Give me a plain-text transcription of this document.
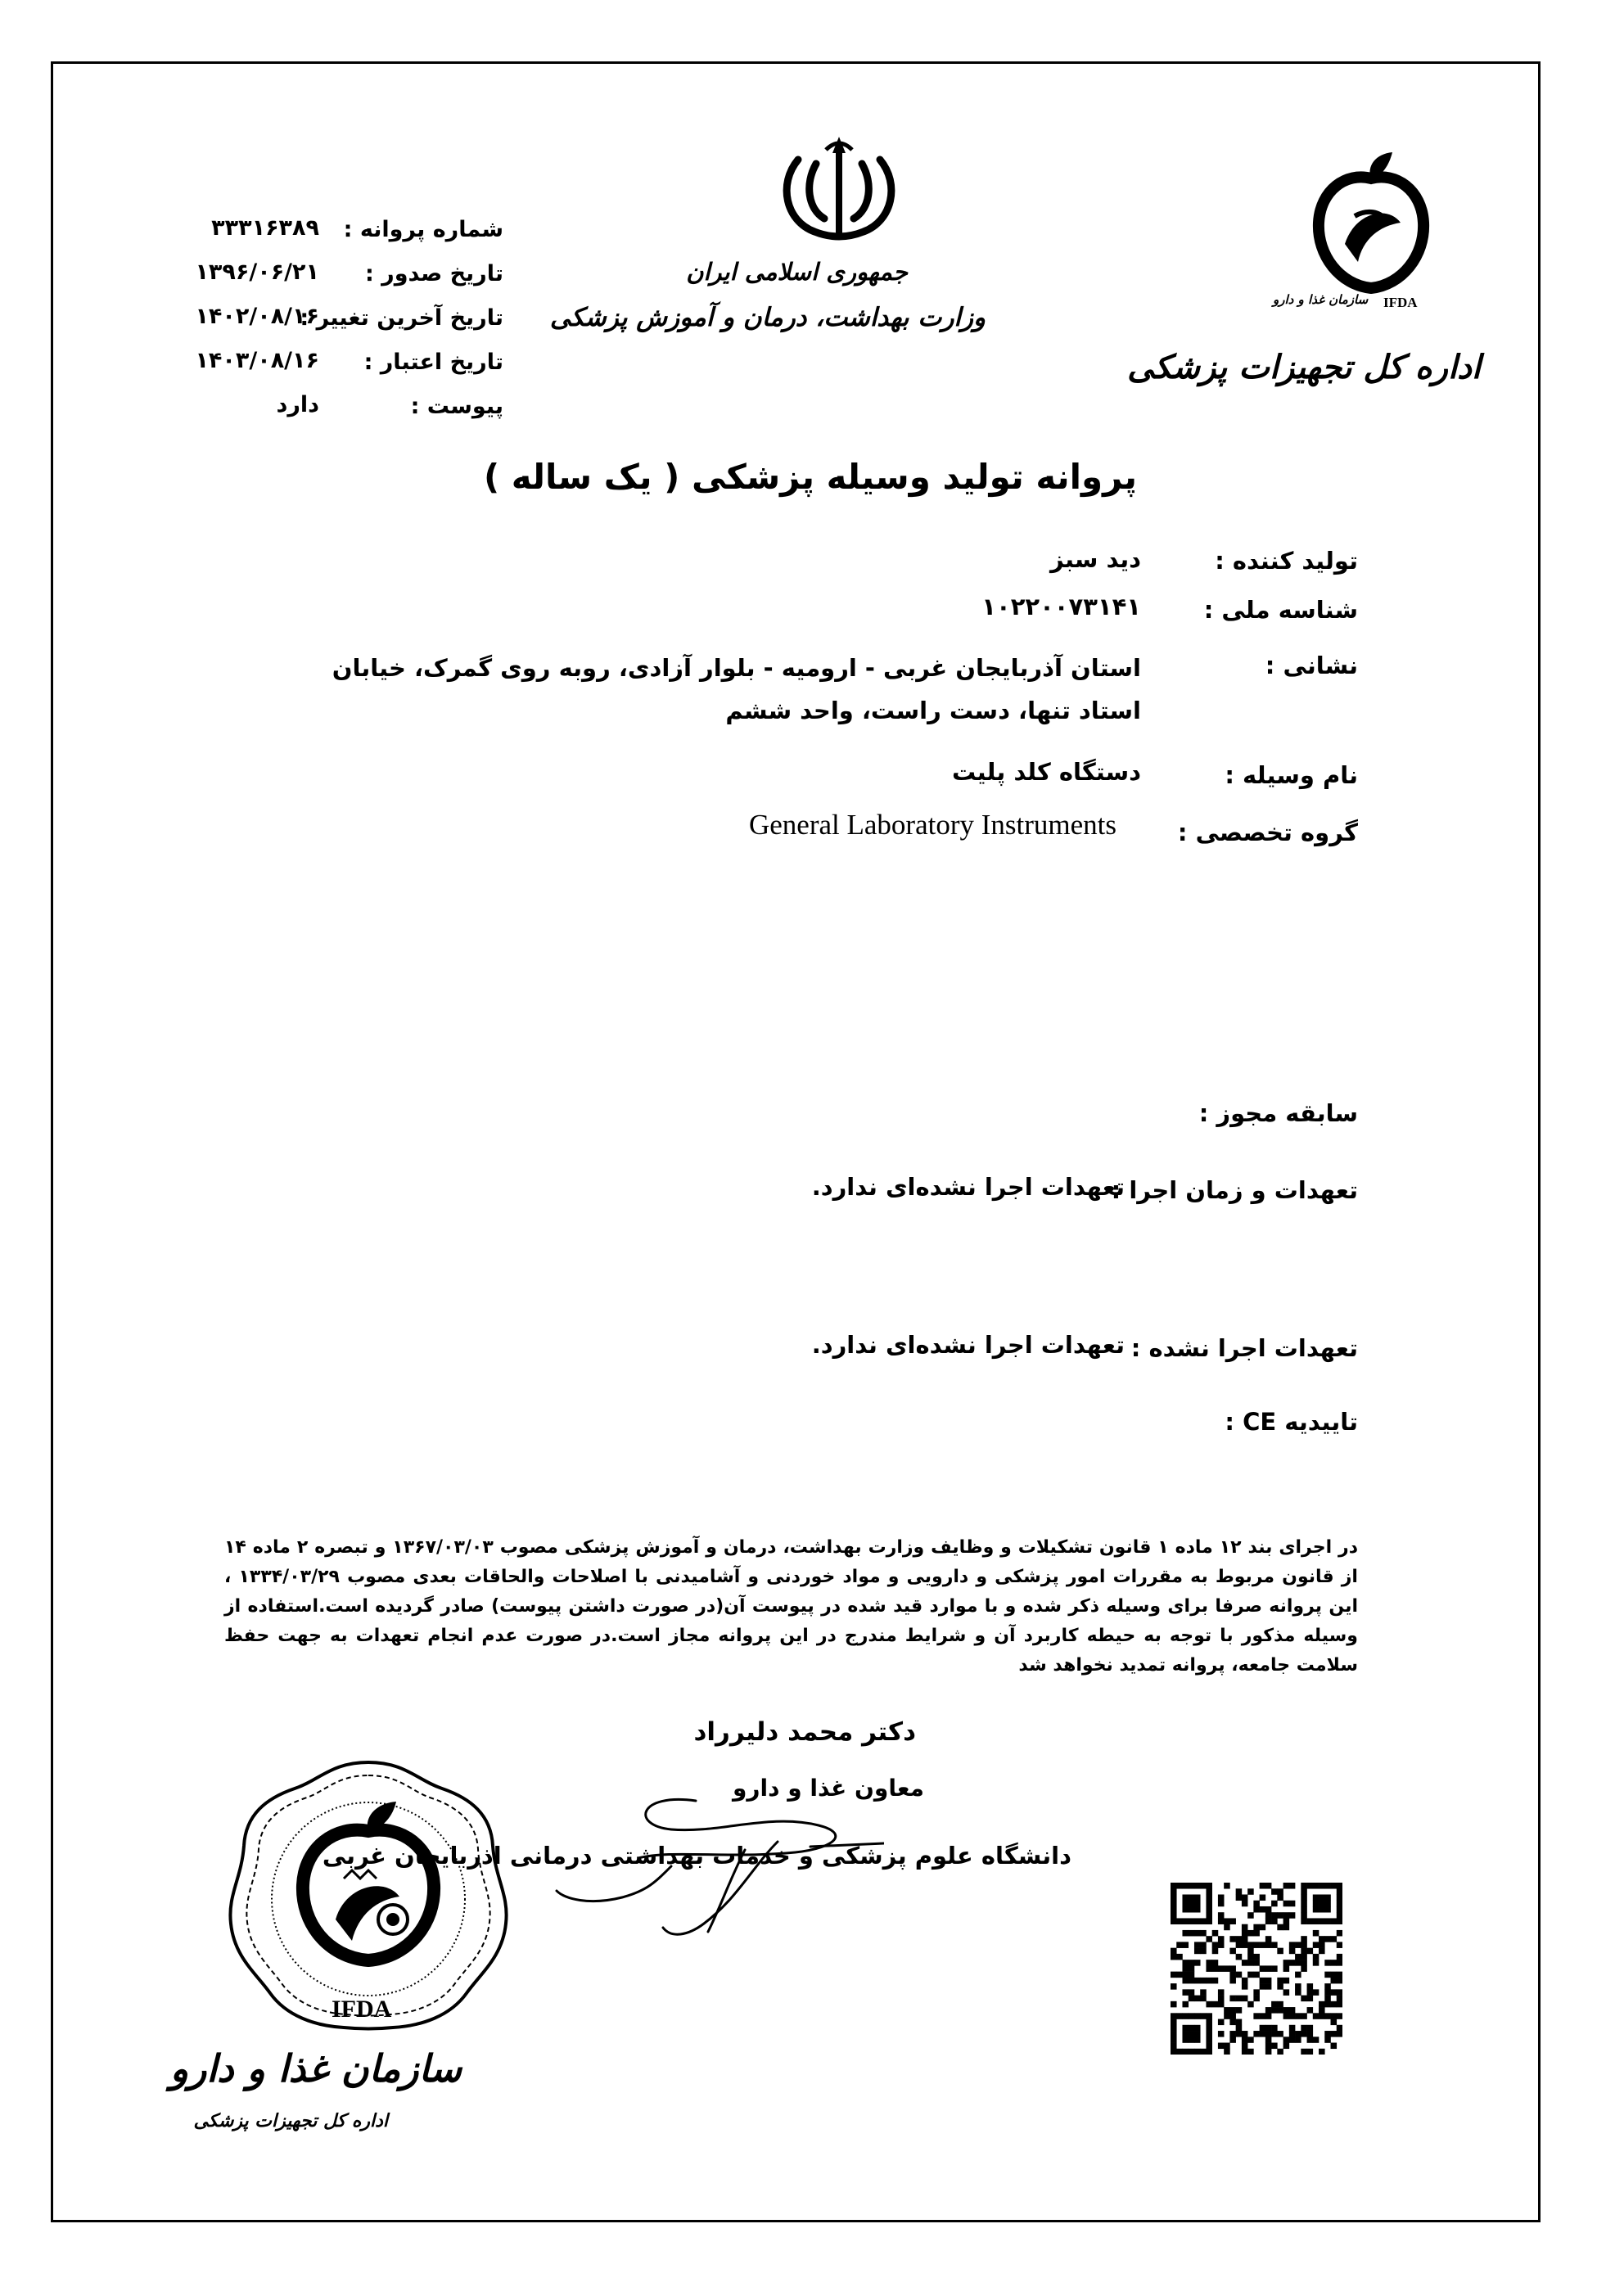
شماره پروانه :
۳۳۳۱۶۳۸۹
تاریخ صدور :
۱۳۹۶/۰۶/۲۱
تاریخ آخرین تغییر :
۱۴۰۲/۰۸/۱۶
تاریخ اعتبار :
۱۴۰۳/۰۸/۱۶
پیوست :
دارد
جمهوری اسلامی ایران
وزارت بهداشت، درمان و آموزش پزشکی
سازمان غذا و دارو IFDA
اداره کل تجهیزات پزشکی
پروانه تولید وسیله پزشکی ( یک ساله )
تولید کننده :
دید سبز
شناسه ملی :
۱۰۲۲۰۰۷۳۱۴۱
نشانی :
استان آذربایجان غربی - ارومیه - بلوار آزادی، روبه روی گمرک، خیابان استاد تنها، دست راست، واحد ششم
نام وسیله :
دستگاه کلد پلیت
گروه تخصصی :
General Laboratory Instruments
سابقه مجوز :
تعهدات و زمان اجرا :
تعهدات اجرا نشده‌ای ندارد.
تعهدات اجرا نشده :
تعهدات اجرا نشده‌ای ندارد.
تاییدیه CE :
در اجرای بند ۱۲ ماده ۱ قانون تشکیلات و وظایف وزارت بهداشت، درمان و آموزش پزشکی مصوب ۱۳۶۷/۰۳/۰۳ و تبصره ۲ ماده ۱۴ از قانون مربوط به مقررات امور پزشکی و دارویی و مواد خوردنی و آشامیدنی با اصلاحات والحاقات بعدی مصوب ۱۳۳۴/۰۳/۲۹ ، این پروانه صرفا برای وسیله ذکر شده و با موارد قید شده در پیوست آن(در صورت داشتن پیوست) صادر گردیده است.استفاده از وسیله مذکور با توجه به حیطه کاربرد آن و شرایط مندرج در این پروانه مجاز است.در صورت عدم انجام تعهدات به جهت حفظ سلامت جامعه، پروانه تمدید نخواهد شد
دکتر محمد دلیرراد
معاون غذا و دارو
دانشگاه علوم پزشکی و خدمات بهداشتی درمانی اذربایجان غربی
IFDA
سازمان غذا و دارو
اداره کل تجهیزات پزشکی
